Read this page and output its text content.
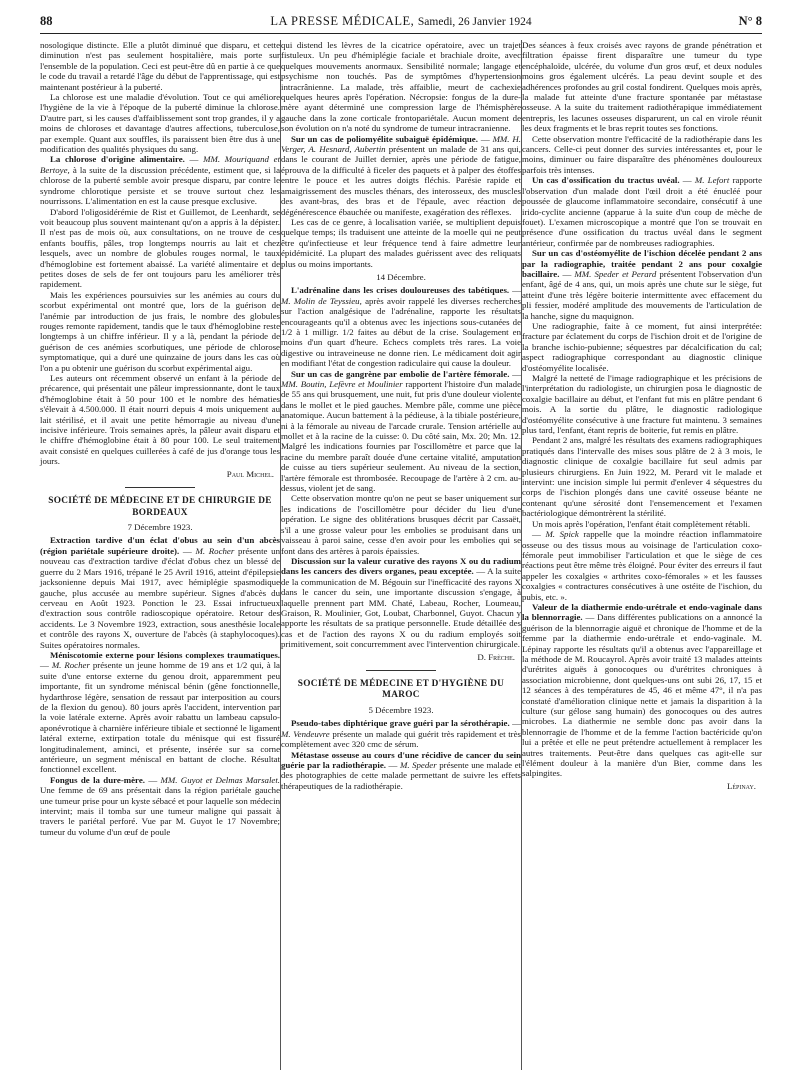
88	LA PRESSE MÉDICALE, Samedi, 26 Janvier 1924	N° 8

nosologique distincte. Elle a plutôt diminué que disparu, et cette diminution n'est pas seulement hospitalière, mais porte sur l'ensemble de la population. Ceci est peut-être dû en partie à ce que le code du travail a retardé l'âge du début de l'apprentissage, qui est maintenant postérieur à la puberté.

La chlorose est une maladie d'évolution. Tout ce qui améliore l'hygiène de la vie à l'époque de la puberté diminue la chlorose. D'autre part, si les causes d'affaiblissement sont trop grandes, il y a moins de chloroses et davantage d'autres affections, tuberculose, par exemple. Quant aux souffles, ils paraissent bien être dus à une modification des qualités physiques du sang.

La chlorose d'origine alimentaire. — MM. Mouriquand et Bertoye, à la suite de la discussion précédente, estiment que, si la chlorose de la puberté semble avoir presque disparu, par contre le syndrome chlorotique persiste et se trouve surtout chez les nourrissons. L'alimentation en est la cause presque exclusive.

D'abord l'oligosidérémie de Rist et Guillemot, de Leenhardt, se voit beaucoup plus souvent maintenant qu'on a appris à la dépister. Il n'est pas de mois où, aux consultations, on ne trouve de ces enfants bouffis, pâles, trop longtemps nourris au lait et chez lesquels, avec un nombre de globules rouges normal, le taux d'hémoglobine est fortement abaissé. La variété alimentaire et de petites doses de sels de fer ont toujours paru les améliorer très rapidement.

Mais les expériences poursuivies sur les anémies au cours du scorbut expérimental ont montré que, lors de la guérison de l'anémie par introduction de jus frais, le nombre des globules rouges remonte rapidement, tandis que le taux d'hémoglobine reste longtemps à un chiffre inférieur. Il y a là, pendant la période de guérison de ces anémies scorbutiques, une période de chlorose symptomatique, qui a duré une quinzaine de jours dans les cas où l'on a pu obtenir une guérison du scorbut expérimental aigu.

Les auteurs ont récemment observé un enfant à la période de précarence, qui présentait une pâleur impressionnante, dont le taux d'hémoglobine était à 50 pour 100 et le nombre des hématies s'élevait à 4.500.000. Il était nourri depuis 4 mois uniquement au lait stérilisé, et il avait une petite hémorragie au niveau d'une incisive inférieure. Trois semaines après, la pâleur avait disparu et le chiffre d'hémoglobine était à 80 pour 100. Le seul traitement avait consisté en quelques cuillerées à café de jus d'orange tous les jours.

Paul Michel.

SOCIÉTÉ DE MÉDECINE ET DE CHIRURGIE DE BORDEAUX
7 Décembre 1923.

Extraction tardive d'un éclat d'obus au sein d'un abcès (région pariétale supérieure droite). — M. Rocher présente un nouveau cas d'extraction tardive d'éclat d'obus chez un blessé de guerre du 2 Mars 1916, trépané le 25 Avril 1916, atteint d'épilepsie jacksonienne depuis Mai 1917, avec hémiplégie spasmodique gauche, plus accusée au membre supérieur. Signes d'abcès du cerveau en Août 1923. Ponction le 23. Essai infructueux d'extraction sous contrôle radioscopique opératoire. Retour des accidents. Le 3 Novembre 1923, extraction, sous anesthésie locale et contrôle des rayons X, ouverture de l'abcès (à staphylocoques). Suites opératoires normales.

Méniscotomie externe pour lésions complexes traumatiques. — M. Rocher présente un jeune homme de 19 ans et 1/2 qui, à la suite d'une entorse externe du genou droit, apparemment peu importante, fit un syndrome méniscal bénin (gêne fonctionnelle, hydarthrose légère, sensation de ressaut par interposition au cours de la flexion du genou). 80 jours après l'accident, intervention par la voie latérale externe. Après avoir rabattu un lambeau capsulo-aponévrotique à charnière inférieure tibiale et sectionné le ligament latéral externe, extirpation totale du ménisque qui est fissuré longitudinalement, aminci, et présente, insérée sur sa corne antérieure, un segment méniscal en battant de cloche. Résultat fonctionnel excellent.

Fongus de la dure-mère. — MM. Guyot et Delmas Marsalet. Une femme de 69 ans présentait dans la région pariétale gauche une tumeur prise pour un kyste sébacé et pour laquelle son médecin intervint; mais il tomba sur une tumeur maligne qui passait à travers le pariétal perforé. Vue par M. Guyot le 17 Novembre; tumeur du volume d'un œuf de poule

qui distend les lèvres de la cicatrice opératoire, avec un trajet fistuleux. Un peu d'hémiplégie faciale et brachiale droite, avec quelques mouvements anormaux. Sensibilité normale; langage et psychisme non touchés. Pas de symptômes d'hypertension intracrânienne. La malade, très affaiblie, meurt de cachexie quelques heures après l'opération. Nécropsie: fongus de la dure-mère ayant déterminé une compression large de l'hémisphère gauche dans la zone corticale frontopariétale. Aucun moment de son évolution on n'a noté du syndrome de tumeur intracranienne.

Sur un cas de poliomyélite subaiguë épidémique. — MM. H. Verger, A. Hesnard, Aubertin présentent un malade de 31 ans qui, dans le courant de Juillet dernier, après une période de fatigue, éprouva de la difficulté à ficeler des paquets et à palper des étoffes entre le pouce et les autres doigts fléchis. Parésie rapide et amaigrissement des muscles thénars, des interosseux, des muscles des avant-bras, des bras et de l'épaule, avec réaction de dégénérescence ébauchée ou manifeste, exagération des réflexes.

Les cas de ce genre, à localisation variée, se multiplient depuis quelque temps; ils traduisent une atteinte de la moelle qui ne peut être qu'infectieuse et leur fréquence tend à faire admettre leur épidémicité. La plupart des malades guérissent avec des reliquats plus ou moins importants.

14 Décembre.

L'adrénaline dans les crises douloureuses des tabétiques. — M. Molin de Teyssieu, après avoir rappelé les diverses recherches sur l'action analgésique de l'adrénaline, rapporte les résultats encourageants qu'il a obtenus avec les injections sous-cutanées de 1/2 à 1 milligr. 1/2 faites au début de la crise. Soulagement en moins d'un quart d'heure. Echecs complets très rares. La voie digestive ou intraveineuse ne donne rien. Le médicament doit agir en modifiant l'état de congestion radiculaire qui cause la douleur.

Sur un cas de gangrène par embolie de l'artère fémorale. — MM. Boutin, Lefèvre et Moulinier rapportent l'histoire d'un malade de 55 ans qui brusquement, une nuit, fut pris d'une douleur violente dans le mollet et le pied gauches. Membre pâle, comme une pièce anatomique. Aucun battement à la pédieuse, à la tibiale postérieure, ni à la fémorale au niveau de l'arcade crurale. Tension artérielle au mollet et à la racine de la cuisse: 0. Du côté sain, Mx. 20; Mn. 12. Malgré les indications fournies par l'oscillomètre et parce que la racine du membre paraît douée d'une certaine vitalité, amputation de cuisse au tiers supérieur seulement. Au niveau de la section, l'artère fémorale est thrombosée. Recoupage de l'artère à 2 cm. au-dessus, violent jet de sang.

Cette observation montre qu'on ne peut se baser uniquement sur les indications de l'oscillomètre pour décider du lieu d'une opération. Le signe des oblitérations brusques décrit par Cassaët, s'il a une grosse valeur pour les embolies se produisant dans un vaisseau à paroi saine, cesse d'en avoir pour les embolies qui se font dans des artères à parois épaissies.

Discussion sur la valeur curative des rayons X ou du radium dans les cancers des divers organes, peau exceptée. — A la suite de la communication de M. Bégouin sur l'inefficacité des rayons X dans le cancer du sein, une importante discussion s'engage, à laquelle prennent part MM. Chaté, Labeau, Rocher, Loumeau, Graison, R. Moulinier, Got, Loubat, Charbonnel, Guyot. Chacun y apporte les résultats de sa pratique personnelle. Etude détaillée des cas et de l'action des rayons X ou du radium employés soit primitivement, soit concurremment avec l'intervention chirurgicale.

D. Frèche.

SOCIÉTÉ DE MÉDECINE ET D'HYGIÈNE DU MAROC
5 Décembre 1923.

Pseudo-tabes diphtérique grave guéri par la sérothérapie. — M. Vendeuvre présente un malade qui guérit très rapidement et très complètement avec 320 cmc de sérum.

Métastase osseuse au cours d'une récidive de cancer du sein guérie par la radiothérapie. — M. Speder présente une malade et des photographies de cette malade permettant de suivre les effets thérapeutiques de la radiothérapie.

Des séances à feux croisés avec rayons de grande pénétration et filtration épaisse firent disparaître une tumeur du type encéphaloïde, ulcérée, du volume d'un gros œuf, et deux nodules moins gros également ulcérés. La peau devint souple et des adhérences profondes au gril costal fondirent. Quelques mois après, la malade fut atteinte d'une fracture spontanée par métastase osseuse. A la suite du traitement radiothérapique immédiatement entrepris, les lacunes osseuses disparurent, un cal en virole réunit les deux fragments et le bras reprit toutes ses fonctions.

Cette observation montre l'efficacité de la radiothérapie dans les cancers. Celle-ci peut donner des survies intéressantes et, pour le moins, diminuer ou faire disparaître des phénomènes douloureux parfois très intenses.

Un cas d'ossification du tractus uvéal. — M. Lefort rapporte l'observation d'un malade dont l'œil droit a été énucléé pour poussée de glaucome inflammatoire secondaire, consécutif à une irido-cyclite ancienne (apparue à la suite d'un coup de mèche de fouet). L'examen microscopique a montré que l'on se trouvait en présence d'une ossification du tractus uvéal dans le segment antérieur, confirmée par de nombreuses radiographies.

Sur un cas d'ostéomyélite de l'ischion décelée pendant 2 ans par la radiographie, traitée pendant 2 ans pour coxalgie bacillaire. — MM. Speder et Perard présentent l'observation d'un enfant, âgé de 4 ans, qui, un mois après une chute sur le siège, fut atteint d'une très légère boiterie intermittente avec effacement du pli fessier, modéré amplitude des mouvements de l'articulation de la hanche, signe du maquignon.

Une radiographie, faite à ce moment, fut ainsi interprétée: fracture par éclatement du corps de l'ischion droit et de l'origine de la branche ischio-pubienne; séquestres par décalcification du cal; aspect radiographique correspondant au diagnostic clinique d'ostéomyélite localisée.

Malgré la netteté de l'image radiographique et les précisions de l'interprétation du radiologiste, un chirurgien posa le diagnostic de coxalgie bacillaire au début, et l'enfant fut mis en plâtre pendant 6 mois. A la sortie du plâtre, le diagnostic radiologique d'ostéomyélite consécutive à une fracture fut maintenu. 3 semaines plus tard, l'enfant, étant repris de boiterie, fut remis en plâtre.

Pendant 2 ans, malgré les résultats des examens radiographiques pratiqués dans l'intervalle des mises sous plâtre de 2 à 3 mois, le diagnostic clinique de coxalgie bacillaire fut seul admis par plusieurs chirurgiens. En Juin 1922, M. Perard vit le malade et intervint: une incision simple lui permit d'enlever 4 séquestres du corps de l'ischion plongés dans une cavité osseuse béante ne contenant qu'une sérosité dont l'ensemencement et l'examen bactériologique démontrèrent la stérilité.

Un mois après l'opération, l'enfant était complètement rétabli.

— M. Spick rappelle que la moindre réaction inflammatoire osseuse ou des tissus mous au voisinage de l'articulation coxo-fémorale peut immobiliser l'articulation et que le siège de ces réactions peut être même très éloigné. Pour éviter des erreurs il faut appeler les coxalgies « arthrites coxo-fémorales » et les fausses coxalgies « contractures consécutives à une ostéite de l'ischion, du pubis, etc. ».

Valeur de la diathermie endo-urétrale et endo-vaginale dans la blennorragie. — Dans différentes publications on a annoncé la guérison de la blennorragie aiguë et chronique de l'homme et de la femme par la diathermie endo-urétrale et endo-vaginale. M. Lépinay rapporte les résultats qu'il a obtenus avec l'appareillage et la méthode de M. Roucayrol. Après avoir traité 13 malades atteints d'urétrites aiguës à gonocoques ou d'urétrites chroniques à association microbienne, dont quelques-uns ont subi 26, 17, 15 et 12 séances à des températures de 45, 46 et même 47°, il n'a pas constaté d'amélioration clinique nette et jamais la disparition à la culture (sur gélose sang humain) des gonocoques ou des autres microbes. La diathermie ne semble donc pas avoir dans la blennorragie de l'homme et de la femme l'action bactéricide qu'on lui a prêtée et elle ne peut prétendre actuellement à remplacer les autres traitements. Peut-être dans quelques cas agit-elle sur l'élément douleur à la manière d'un Bier, comme dans les salpingites.

Lépinay.
